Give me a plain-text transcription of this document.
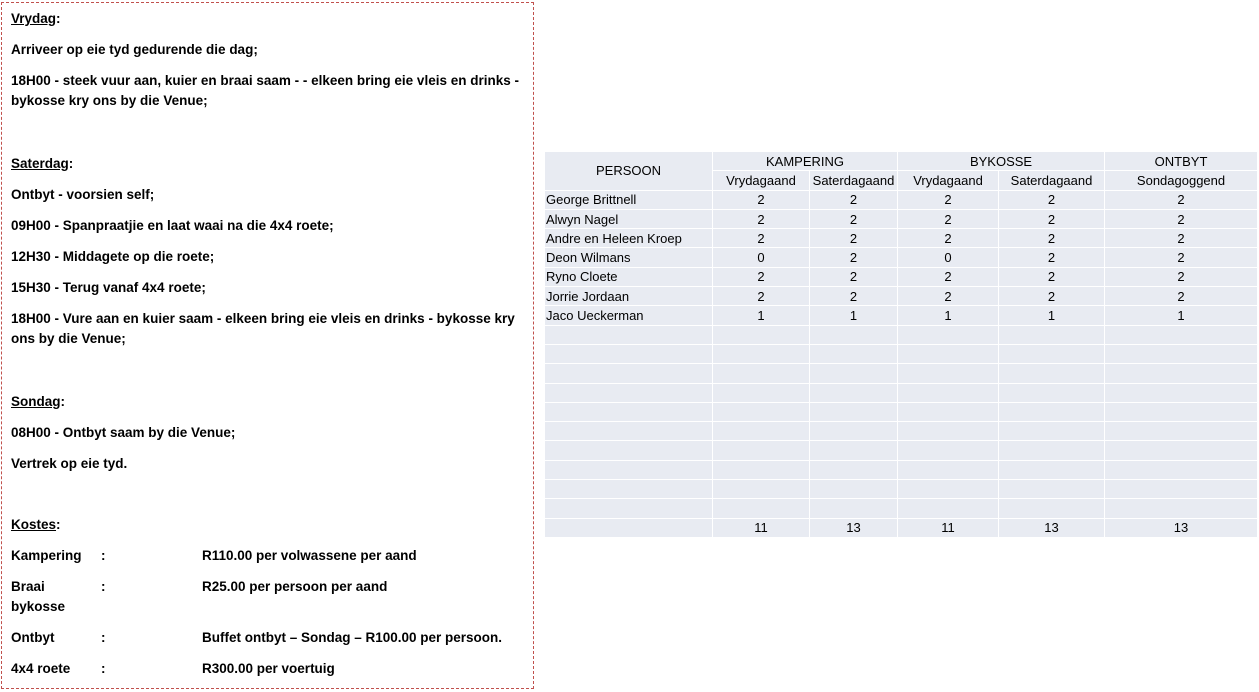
Vrydag:

Arriveer op eie tyd gedurende die dag;

18H00 - steek vuur aan, kuier en braai saam - - elkeen bring eie vleis en drinks - bykosse kry ons by die Venue;

Saterdag:

Ontbyt - voorsien self;

09H00 - Spanpraatjie en laat waai na die 4x4 roete;

12H30 - Middagete op die roete;

15H30 - Terug vanaf 4x4 roete;

18H00 - Vure aan en kuier saam - elkeen bring eie vleis en drinks - bykosse kry ons by die Venue;

Sondag:

08H00 - Ontbyt saam by die Venue;

Vertrek op eie tyd.

Kostes:

Kampering	:	R110.00 per volwassene per aand
Braai bykosse
:	R25.00 per persoon per aand
Ontbyt	:	Buffet ontbyt – Sondag – R100.00 per persoon.
4x4 roete	:	R300.00 per voertuig
PERSOON	KAMPERING		BYKOSSE		ONTBYT
	Vrydagaand	Saterdagaand	Vrydagaand	Saterdagaand	Sondagoggend
George Brittnell	2	2	2	2	2
Alwyn Nagel	2	2	2	2	2
Andre en Heleen Kroep	2	2	2	2	2
Deon Wilmans	0	2	0	2	2
Ryno Cloete	2	2	2	2	2
Jorrie Jordaan	2	2	2	2	2
Jaco Ueckerman	1	1	1	1	1

	11	13	11	13	13
